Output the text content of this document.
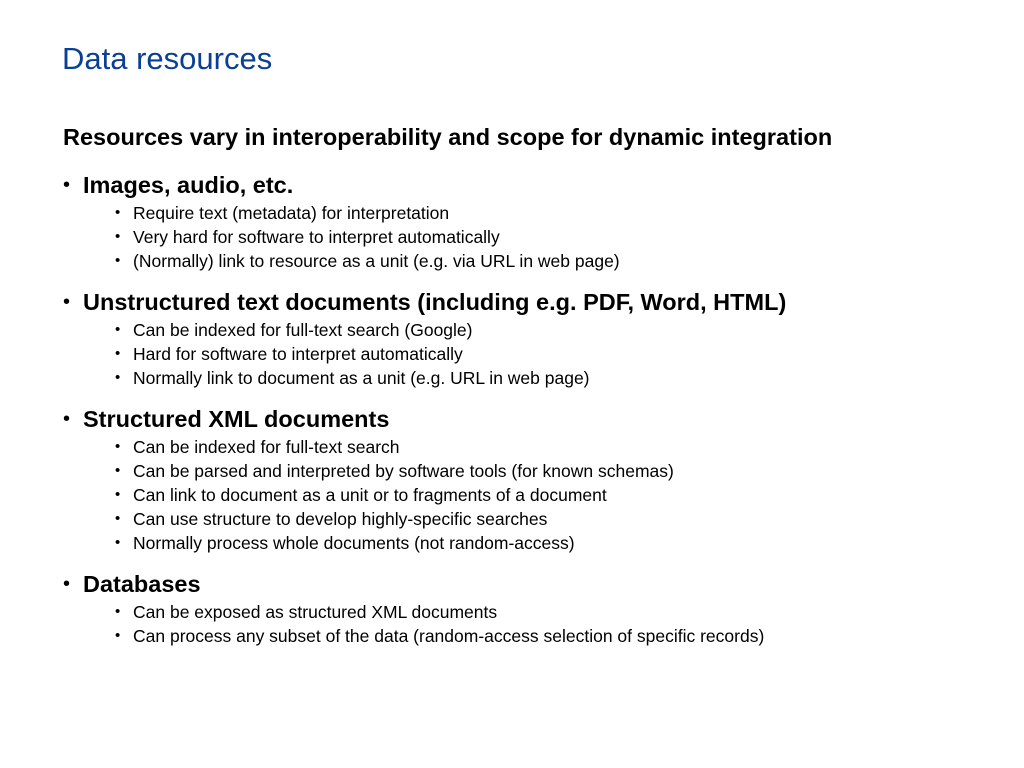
Data resources
Resources vary in interoperability and scope for dynamic integration
• Images, audio, etc.
• Require text (metadata) for interpretation
• Very hard for software to interpret automatically
• (Normally) link to resource as a unit (e.g. via URL in web page)
• Unstructured text documents (including e.g. PDF, Word, HTML)
• Can be indexed for full-text search (Google)
• Hard for software to interpret automatically
• Normally link to document as a unit (e.g. URL in web page)
• Structured XML documents
• Can be indexed for full-text search
• Can be parsed and interpreted by software tools (for known schemas)
• Can link to document as a unit or to fragments of a document
• Can use structure to develop highly-specific searches
• Normally process whole documents (not random-access)
• Databases
• Can be exposed as structured XML documents
• Can process any subset of the data (random-access selection of specific records)
